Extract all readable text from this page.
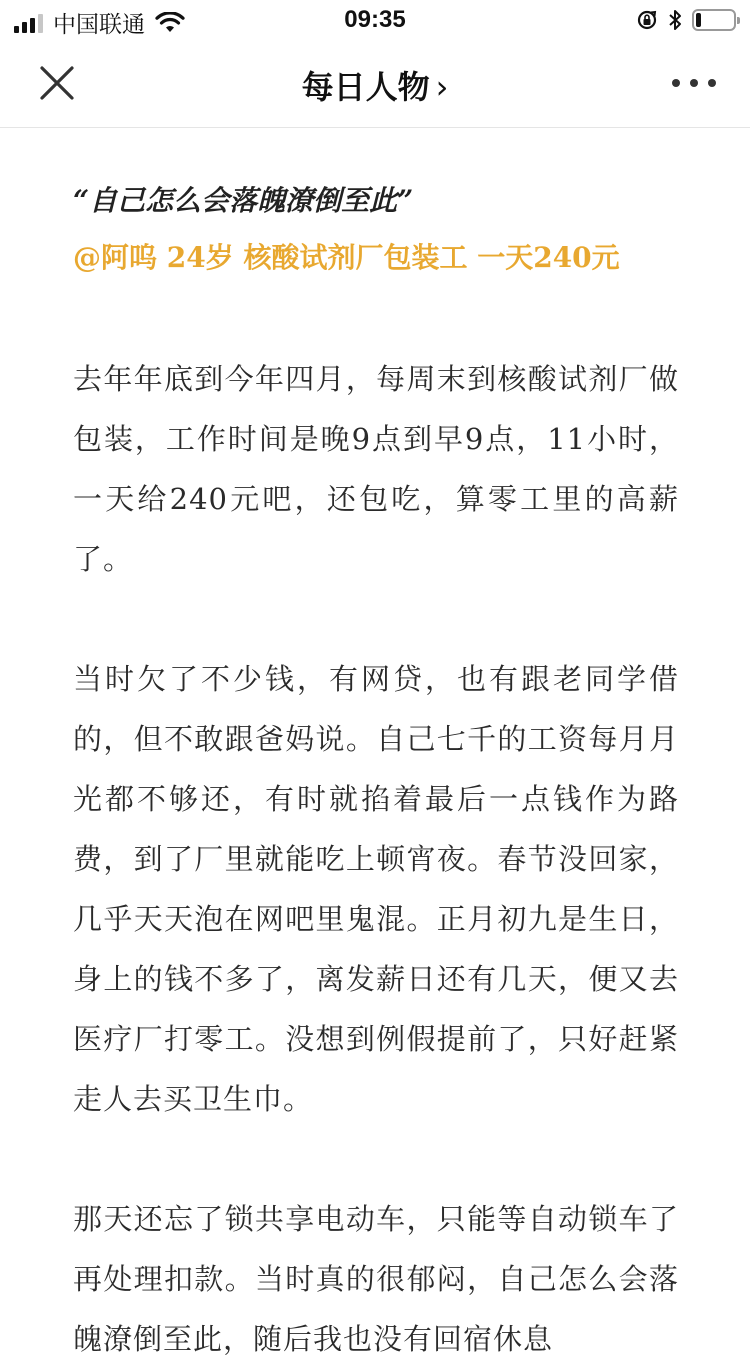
中国联通	09:35
每日人物 ›
“自己怎么会落魄潦倒至此”
@阿呜 24岁 核酸试剂厂包装工 一天240元

去年年底到今年四月，每周末到核酸试剂厂做包装，工作时间是晚9点到早9点，11小时，一天给240元吧，还包吃，算零工里的高薪了。

当时欠了不少钱，有网贷，也有跟老同学借的，但不敢跟爸妈说。自己七千的工资每月月光都不够还，有时就掐着最后一点钱作为路费，到了厂里就能吃上顿宵夜。春节没回家，几乎天天泡在网吧里鬼混。正月初九是生日，身上的钱不多了，离发薪日还有几天，便又去医疗厂打零工。没想到例假提前了，只好赶紧走人去买卫生巾。

那天还忘了锁共享电动车，只能等自动锁车了再处理扣款。当时真的很郁闷，自己怎么会落魄潦倒至此，随后我也没有回宿休息
